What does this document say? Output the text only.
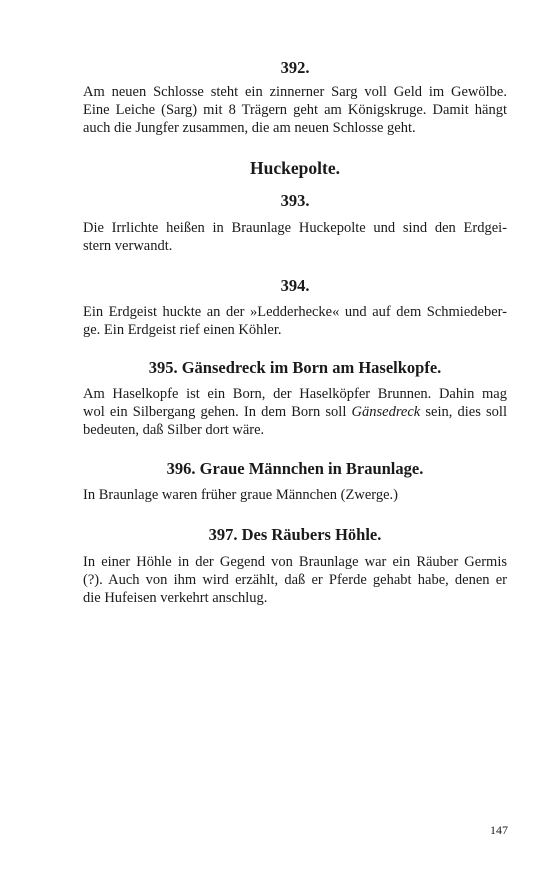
392.

Am neuen Schlosse steht ein zinnerner Sarg voll Geld im Gewölbe.
Eine Leiche (Sarg) mit 8 Trägern geht am Königskruge. Damit hängt
auch die Jungfer zusammen, die am neuen Schlosse geht.

Huckepolte.

393.

Die Irrlichte heißen in Braunlage Huckepolte und sind den Erdgei-
stern verwandt.

394.

Ein Erdgeist huckte an der »Ledderhecke« und auf dem Schmiedeber-
ge. Ein Erdgeist rief einen Köhler.

395. Gänsedreck im Born am Haselkopfe.

Am Haselkopfe ist ein Born, der Haselköpfer Brunnen. Dahin mag
wol ein Silbergang gehen. In dem Born soll Gänsedreck sein, dies soll
bedeuten, daß Silber dort wäre.

396. Graue Männchen in Braunlage.

In Braunlage waren früher graue Männchen (Zwerge.)

397. Des Räubers Höhle.

In einer Höhle in der Gegend von Braunlage war ein Räuber Germis
(?). Auch von ihm wird erzählt, daß er Pferde gehabt habe, denen er
die Hufeisen verkehrt anschlug.

147
